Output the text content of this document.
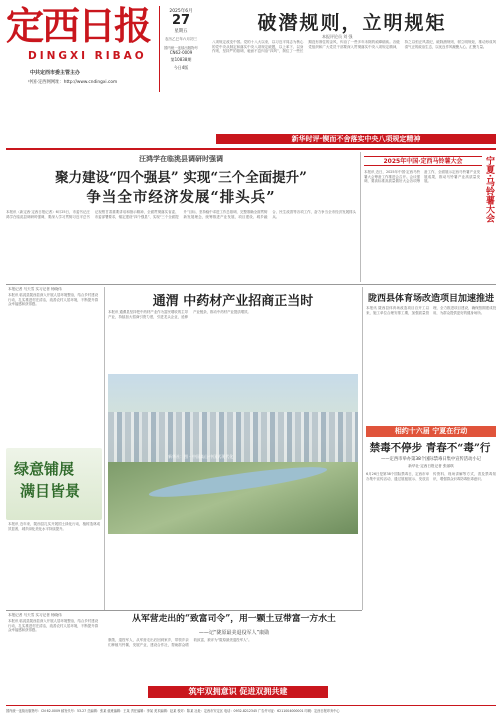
定西日报
DINGXI RIBAO
中共定西市委主管主办
中国·定西网网址：http://www.cndingxi.com
2025年6月
27
星期五
农历乙巳年六月初三
国内统一连续出版物号
CN62-0009
第10838期
今日4版
破潜规则，立明规矩
本报评论员 刘 强
八项规定改变中国。党的十八大以来，以习近平同志为核心的党中央从制定和落实中央八项规定破题，以上率下、以身作则，坚持严的基调，驰而不息纠治“四风”，刹住了一些长期没有刹住的歪风，纠治了一些多年未除的顽瘴痼疾。各级党组织和广大党员干部要深入贯彻落实中央八项规定精神，持之以恒正风肃纪，破除潜规则，树立明规矩，推动形成风清气正的政治生态，以优良作风凝聚人心、汇聚力量。
新华时评·锲而不舍落实中央八项规定精神
汪鸿学在临洮县调研时强调
聚力建设“四个强县” 实现“三个全面提升”
争当全市经济发展“排头兵”
本报讯（新定西·定西日报记者）6月25日，市委书记汪鸿学在临洮县调研时强调，要深入学习贯彻习近平总书记视察甘肃重要讲话和指示精神，全面贯彻落实省委、市委部署要求，锚定建设“四个强县”、实现“三个全面提升”目标，坚持稳中求进工作总基调，完整准确全面贯彻新发展理念，统筹推进产业发展、项目建设、城乡融合、民生改善等各项工作，奋力争当全市经济发展排头兵。
2025年中国·定西马铃薯大会
本报讯 近日，2025年中国·定西马铃薯大会筹备工作推进会召开。会议强调，要高标准高质量做好大会各项筹备工作，全面展示定西马铃薯产业发展成果，推动马铃薯产业高质量发展。	宁夏·马铃薯大会
本报记者 马天雪 实习记者 杨晓伟
本报讯 临洮县陇西县深入开展人居环境整治，结合乡村建设行动，扎实推进村庄清洁，改善农村人居环境，不断提升群众幸福感和获得感。
绿意铺展
满目皆景
本报讯 近年来，陇西县扎实开展国土绿化行动，植树造林成效显著，城乡绿化美化水平持续提升。
通渭 中药材产业招商正当时
本报讯 通渭县坚持把中药材产业作为富民增收的主导产业，持续加大招商引资力度，引进龙头企业，延伸产业链条，推动中药材产业提质增效。
新华社：图 - 中国高山·中国式现代化
陇西县体育场改造项目加速推进
本报讯 陇西县体育场改造项目自开工以来，施工单位合理安排工期，加强质量管理，全力推进项目建设，确保按期建成投用，为群众提供更好的健身场所。
相约十六届 宁夏在行动
禁毒不停步 青春不“毒”行
——定西市举办第38个国际禁毒日集中宣传活动小记
新华社·定西日报记者 张丽琪
6月26日是第38个国际禁毒日，定西市举办集中宣传活动，通过展板展示、发放宣传资料、现场讲解等方式，普及禁毒知识，增强群众识毒防毒拒毒意识。
本报记者 马天雪 实习记者 杨晓伟
本报讯 临洮县陇西县深入开展人居环境整治，结合乡村建设行动，扎实推进村庄清洁，改善农村人居环境，不断提升群众幸福感和获得感。
从军营走出的“致富司令”，用一颗土豆带富一方水土
——记“陇原最美退役军人”康勋
康勋，退役军人，从军营走出后回到家乡，带领乡亲们种植马铃薯，发展产业，建设合作社，帮助群众增收致富，被评为“陇原最美退役军人”。
筑牢双拥意识 促进双拥共建
国内统一连续出版物号：CN 62-0009 邮发代号：53-27 总编辑：张某 值班编辑：王某 责任编辑：李某 美术编辑：赵某 校对：陈某 社址：定西市安定区 电话：0932-8212345 广告许可证：6211004000001 印刷：定西日报印务中心
